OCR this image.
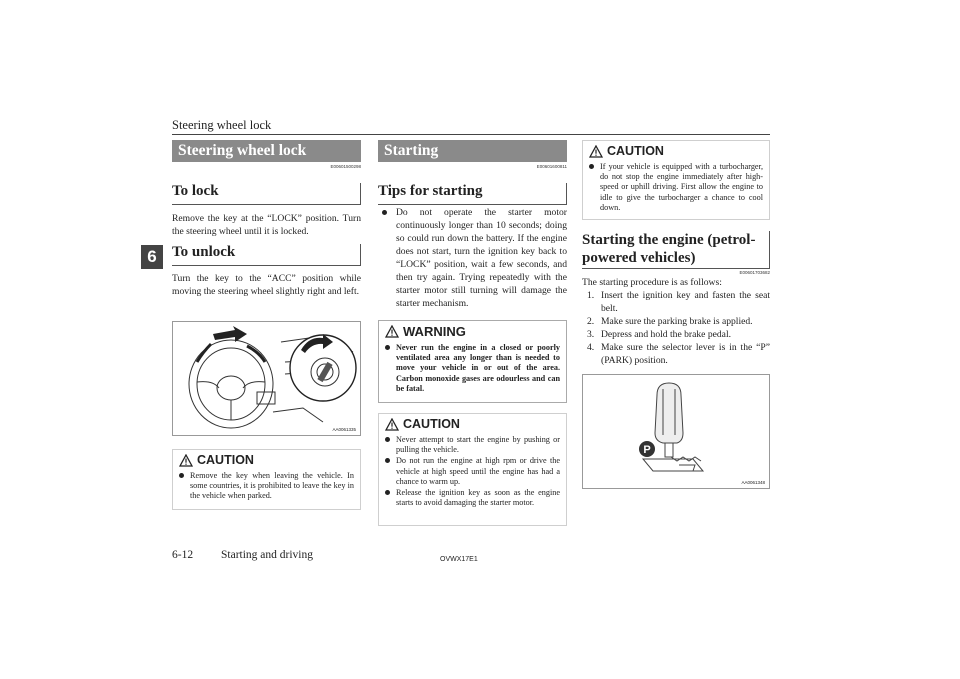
Steering wheel lock
6
Steering wheel lock
E00601500298
To lock
Remove the key at the “LOCK” position. Turn the steering wheel until it is locked.
To unlock
Turn the key to the “ACC” position while moving the steering wheel slightly right and left.
AA0061335
CAUTION
Remove the key when leaving the vehicle. In some countries, it is prohibited to leave the key in the vehicle when parked.
Starting
E00601600811
Tips for starting
Do not operate the starter motor continuously longer than 10 seconds; doing so could run down the battery. If the engine does not start, turn the ignition key back to “LOCK” position, wait a few seconds, and then try again. Trying repeatedly with the starter motor still turning will damage the starter mechanism.
WARNING
Never run the engine in a closed or poorly ventilated area any longer than is needed to move your vehicle in or out of the area. Carbon monoxide gases are odourless and can be fatal.
CAUTION
Never attempt to start the engine by pushing or pulling the vehicle.
Do not run the engine at high rpm or drive the vehicle at high speed until the engine has had a chance to warm up.
Release the ignition key as soon as the engine starts to avoid damaging the starter motor.
CAUTION
If your vehicle is equipped with a turbocharger, do not stop the engine immediately after high-speed or uphill driving. First allow the engine to idle to give the turbocharger a chance to cool down.
Starting the engine (petrol-powered vehicles)
E00601703682
The starting procedure is as follows:
1. Insert the ignition key and fasten the seat belt.
2. Make sure the parking brake is applied.
3. Depress and hold the brake pedal.
4. Make sure the selector lever is in the “P” (PARK) position.
P
AA0061348
6-12 Starting and driving	OVWX17E1
